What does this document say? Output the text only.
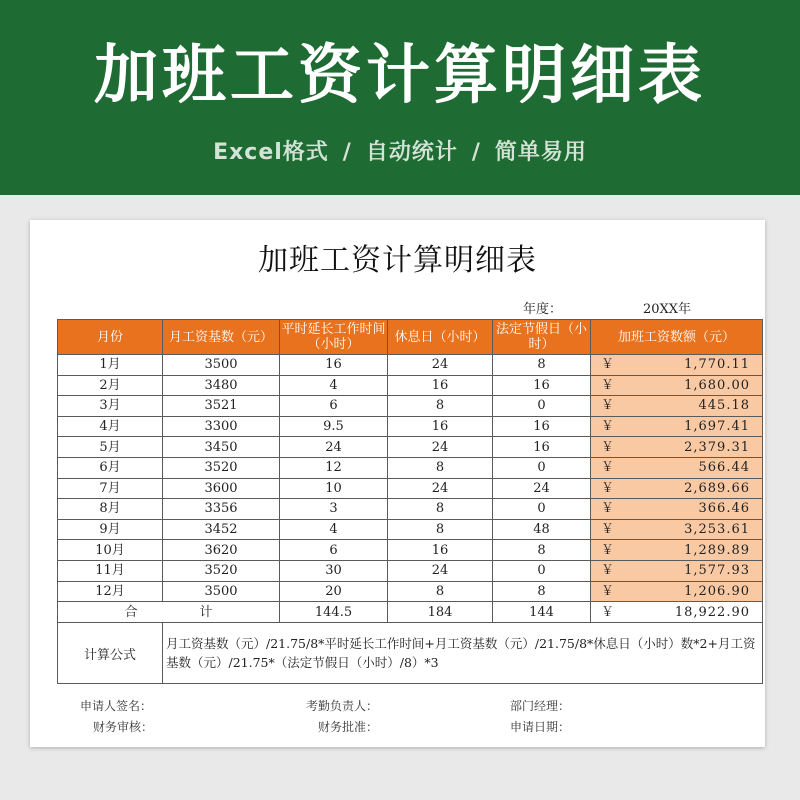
加班工资计算明细表
Excel格式 / 自动统计 / 简单易用
加班工资计算明细表
年度：	20XX年
月份	月工资基数（元）	平时延长工作时间（小时）	休息日（小时）	法定节假日（小时）	加班工资数额（元）
1月	3500	16	24	8	￥ 1,770.11

2月	3480	4	16	16	￥ 1,680.00

3月	3521	6	8	0	￥ 445.18

4月	3300	9.5	16	16	￥ 1,697.41

5月	3450	24	24	16	￥ 2,379.31

6月	3520	12	8	0	￥ 566.44

7月	3600	10	24	24	￥ 2,689.66

8月	3356	3	8	0	￥ 366.46

9月	3452	4	8	48	￥ 3,253.61

10月	3620	6	16	8	￥ 1,289.89

11月	3520	30	24	0	￥ 1,577.93

12月	3500	20	8	8	￥ 1,206.90

合 计		144.5	184	144	￥ 18,922.90

计算公式	月工资基数（元）/21.75/8*平时延长工作时间+月工资基数（元）/21.75/8*休息日（小时）数*2+月工资基数（元）/21.75*（法定节假日（小时）/8）*3				
申请人签名：	考勤负责人：	部门经理：
财务审核：	财务批准：	申请日期：
